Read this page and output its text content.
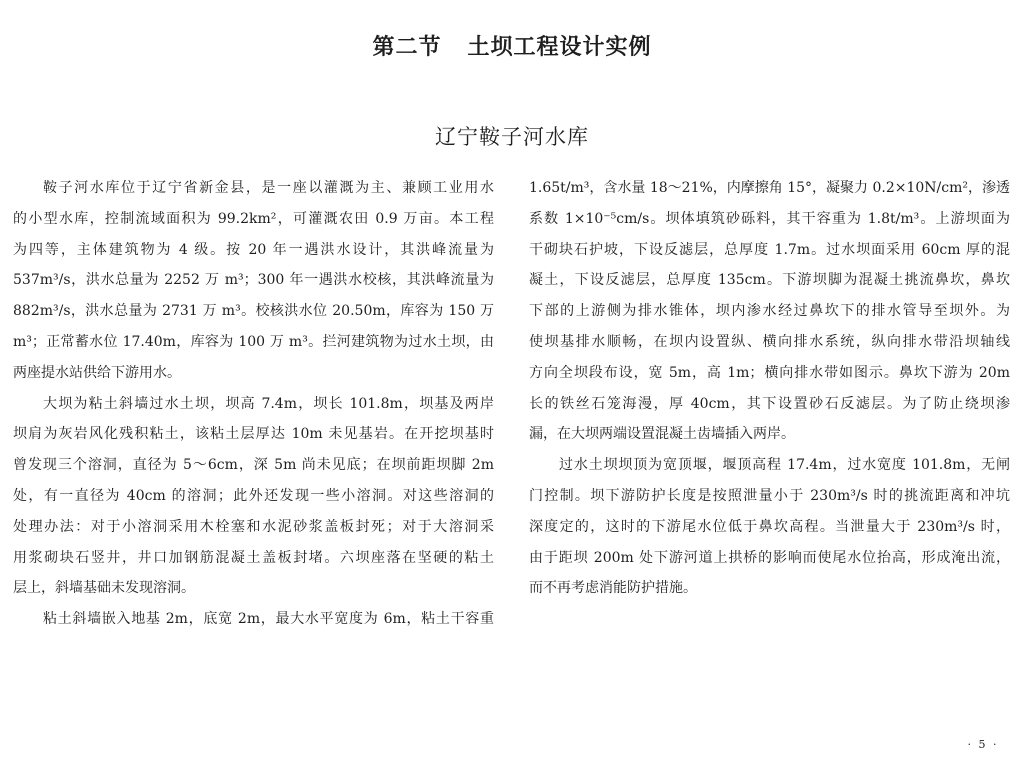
第二节 土坝工程设计实例
辽宁鞍子河水库
鞍子河水库位于辽宁省新金县，是一座以灌溉为主、兼顾工业用水
的小型水库，控制流域面积为 99.2km²，可灌溉农田 0.9 万亩。本工程
为四等，主体建筑物为 4 级。按 20 年一遇洪水设计，其洪峰流量为
537m³/s，洪水总量为 2252 万 m³；300 年一遇洪水校核，其洪峰流量为
882m³/s，洪水总量为 2731 万 m³。校核洪水位 20.50m，库容为 150 万
m³；正常蓄水位 17.40m，库容为 100 万 m³。拦河建筑物为过水土坝，由
两座提水站供给下游用水。
大坝为粘土斜墙过水土坝，坝高 7.4m，坝长 101.8m，坝基及两岸
坝肩为灰岩风化残积粘土，该粘土层厚达 10m 未见基岩。在开挖坝基时
曾发现三个溶洞，直径为 5～6cm，深 5m 尚未见底；在坝前距坝脚 2m
处，有一直径为 40cm 的溶洞；此外还发现一些小溶洞。对这些溶洞的
处理办法：对于小溶洞采用木栓塞和水泥砂浆盖板封死；对于大溶洞采
用浆砌块石竖井，井口加钢筋混凝土盖板封堵。六坝座落在坚硬的粘土
层上，斜墙基础未发现溶洞。
粘土斜墙嵌入地基 2m，底宽 2m，最大水平宽度为 6m，粘土干容重
1.65t/m³，含水量 18～21%，内摩擦角 15°，凝聚力 0.2×10N/cm²，渗透
系数 1×10⁻⁵cm/s。坝体填筑砂砾料，其干容重为 1.8t/m³。上游坝面为
干砌块石护坡，下设反滤层，总厚度 1.7m。过水坝面采用 60cm 厚的混
凝土，下设反滤层，总厚度 135cm。下游坝脚为混凝土挑流鼻坎，鼻坎
下部的上游侧为排水锥体，坝内渗水经过鼻坎下的排水管导至坝外。为
使坝基排水顺畅，在坝内设置纵、横向排水系统，纵向排水带沿坝轴线
方向全坝段布设，宽 5m，高 1m；横向排水带如图示。鼻坎下游为 20m
长的铁丝石笼海漫，厚 40cm，其下设置砂石反滤层。为了防止绕坝渗
漏，在大坝两端设置混凝土齿墙插入两岸。
过水土坝坝顶为宽顶堰，堰顶高程 17.4m，过水宽度 101.8m，无闸
门控制。坝下游防护长度是按照泄量小于 230m³/s 时的挑流距离和冲坑
深度定的，这时的下游尾水位低于鼻坎高程。当泄量大于 230m³/s 时，
由于距坝 200m 处下游河道上拱桥的影响而使尾水位抬高，形成淹出流，
而不再考虑消能防护措施。
· 5 ·
